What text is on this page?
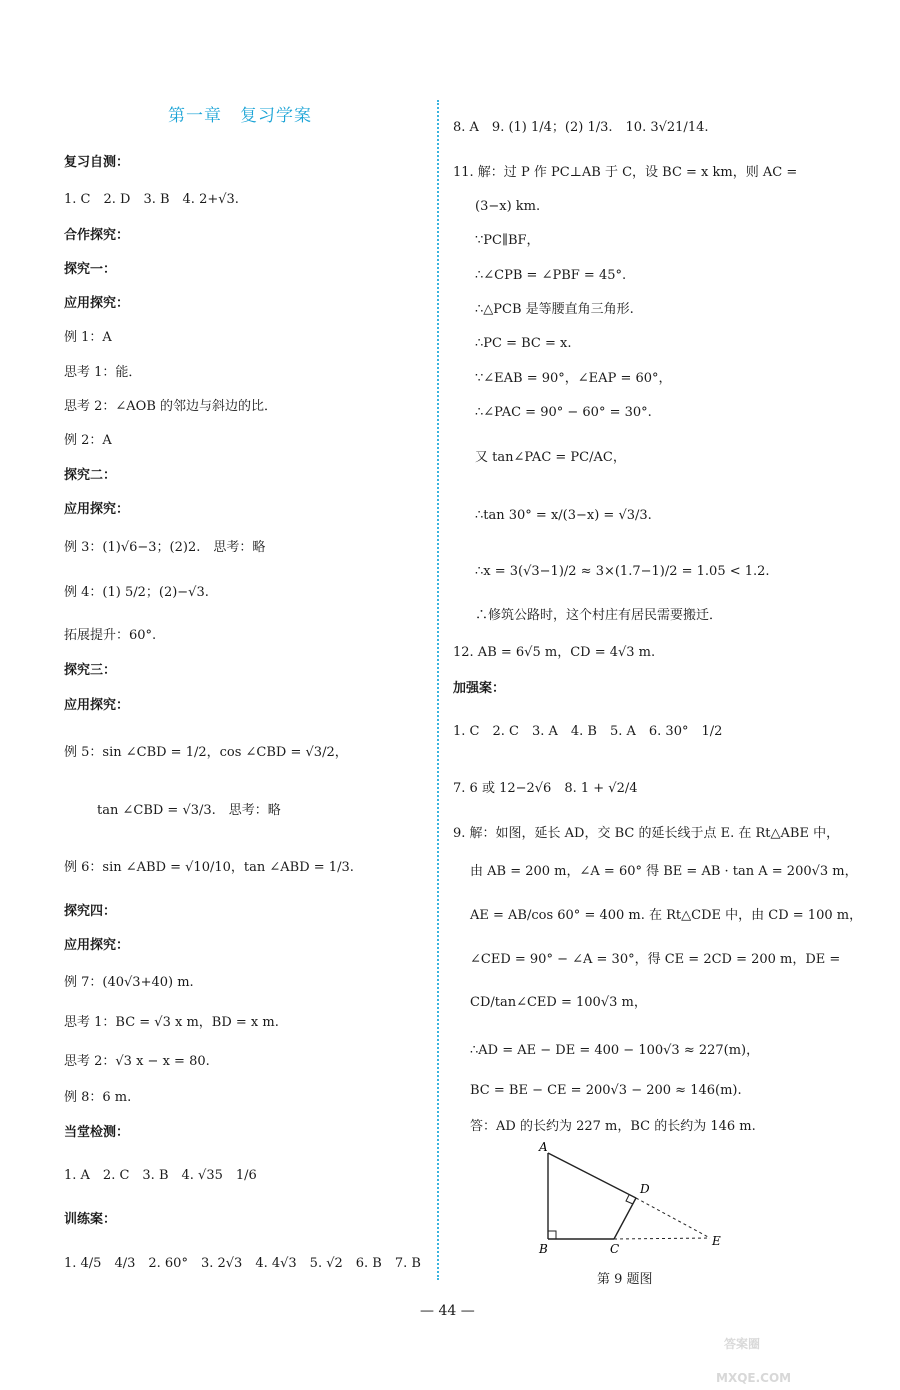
第一章　复习学案
复习自测：
1. C　2. D　3. B　4. 2+√3.
合作探究：
探究一：
应用探究：
例 1：A
思考 1：能．
思考 2：∠AOB 的邻边与斜边的比．
例 2：A
探究二：
应用探究：
例 3：(1)√6−3；(2)2.　思考：略
例 4：(1) 5/2；(2)−√3.
拓展提升：60°.
探究三：
应用探究：
例 5：sin ∠CBD = 1/2，cos ∠CBD = √3/2，
tan ∠CBD = √3/3.　思考：略
例 6：sin ∠ABD = √10/10，tan ∠ABD = 1/3.
探究四：
应用探究：
例 7：(40√3+40) m.
思考 1：BC = √3 x m，BD = x m.
思考 2：√3 x − x = 80.
例 8：6 m.
当堂检测：
1. A　2. C　3. B　4. √35　1/6
训练案：
1. 4/5　4/3　2. 60°　3. 2√3　4. 4√3　5. √2　6. B　7. B
8. A　9. (1) 1/4；(2) 1/3.　10. 3√21/14.
11. 解：过 P 作 PC⊥AB 于 C，设 BC = x km，则 AC =
(3−x) km.
∵PC∥BF，
∴∠CPB = ∠PBF = 45°.
∴△PCB 是等腰直角三角形.
∴PC = BC = x.
∵∠EAB = 90°，∠EAP = 60°，
∴∠PAC = 90° − 60° = 30°.
又 tan∠PAC = PC/AC，
∴tan 30° = x/(3−x) = √3/3.
∴x = 3(√3−1)/2 ≈ 3×(1.7−1)/2 = 1.05 < 1.2.
∴修筑公路时，这个村庄有居民需要搬迁．
12. AB = 6√5 m，CD = 4√3 m.
加强案：
1. C　2. C　3. A　4. B　5. A　6. 30°　1/2
7. 6 或 12−2√6　8. 1 + √2/4
9. 解：如图，延长 AD，交 BC 的延长线于点 E. 在 Rt△ABE 中，
由 AB = 200 m，∠A = 60° 得 BE = AB · tan A = 200√3 m，
AE = AB/cos 60° = 400 m. 在 Rt△CDE 中，由 CD = 100 m，
∠CED = 90° − ∠A = 30°，得 CE = 2CD = 200 m，DE =
CD/tan∠CED = 100√3 m，
∴AD = AE − DE = 400 − 100√3 ≈ 227(m)，
BC = BE − CE = 200√3 − 200 ≈ 146(m).
答：AD 的长约为 227 m，BC 的长约为 146 m.
A
B	C
D
E
第 9 题图
— 44 —
答案圈
MXQE.COM
